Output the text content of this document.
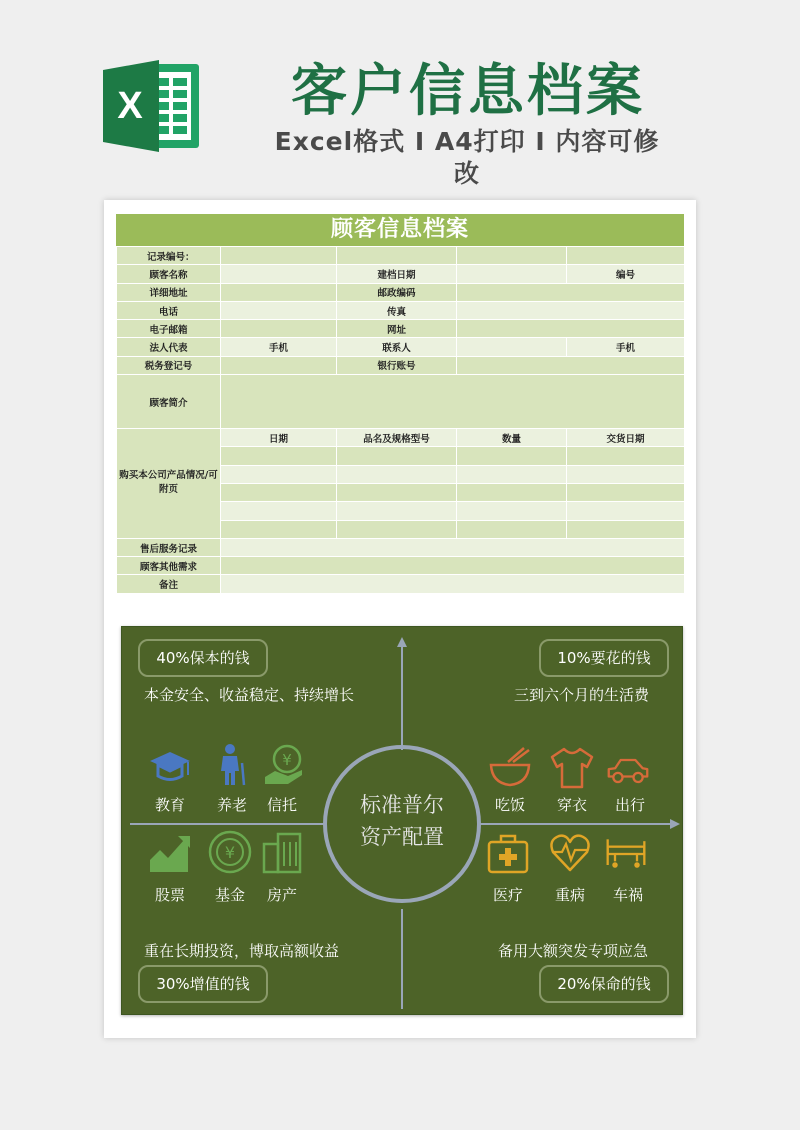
X	客户信息档案
Excel格式 I A4打印 I 内容可修改
顾客信息档案
记录编号：				
顾客名称		建档日期		编号
详细地址		邮政编码		
电话		传真		
电子邮箱		网址		
法人代表	手机	联系人		手机
税务登记号		银行账号		
顾客简介				
购买本公司产品情况/可附页	日期	品名及规格型号	数量	交货日期

售后服务记录				
顾客其他需求				
备注				
标准普尔
资产配置
40%保本的钱
本金安全、收益稳定、持续增长
10%要花的钱
三到六个月的生活费
重在长期投资，博取高额收益
30%增值的钱
备用大额突发专项应急
20%保命的钱
教育	养老
¥
信托
股票
¥
基金	房产
吃饭	穿衣	出行
医疗	重病	车祸
